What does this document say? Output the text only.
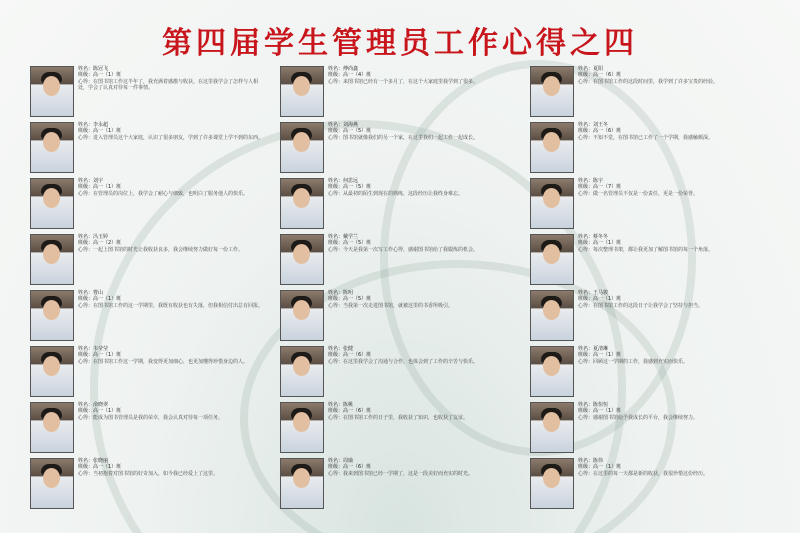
第四届学生管理员工作心得之四
姓名：陈冠飞
班级：高一（1）班
心得：在图书馆工作这半年了，我充满着感激与收获。在这里我学会了怎样与人相处，学会了认真对待每一件事情。
姓名：李永超
班级：高一（1）班
心得：进入管理员这个大家庭，认识了很多朋友，学到了许多课堂上学不到的东西。
姓名：刘宇
班级：高一（1）班
心得：在管理员的岗位上，我学会了耐心与细致，也明白了服务他人的快乐。
姓名：冯玉婷
班级：高一（2）班
心得：一起上图书馆的时光让我收获良多，我会继续努力做好每一份工作。
姓名：曹山
班级：高一（1）班
心得：在图书馆工作的这一学期里，我既有收获也有失落，但我相信付出总有回报。
姓名：韦莹莹
班级：高一（1）班
心得：在图书馆工作这一学期，我变得更加细心，也更加懂得珍惜身边的人。
姓名：俞晓翠
班级：高一（1）班
心得：能成为图书管理员是我的荣幸，我会认真对待每一项任务。
姓名：张晓丽
班级：高一（1）班
心得：当初抱着对图书馆的好奇加入，如今我已经爱上了这里。
姓名：傅尚鑫
班级：高一（4）班
心得：来图书馆已经有一个多月了，在这个大家庭里我学到了很多。
姓名：刘海燕
班级：高一（5）班
心得：图书馆就像我们的另一个家，在这里我们一起工作一起成长。
姓名：何思远
班级：高一（5）班
心得：从最初的陌生到现在的熟练，这段经历让我终身难忘。
姓名：戴学兰
班级：高一（5）班
心得：今天是我第一次写工作心得，感谢图书馆给了我锻炼的机会。
姓名：陈明
班级：高一（5）班
心得：当我第一次走进图书馆，就被这里的书香所吸引。
姓名：张健
班级：高一（6）班
心得：在这里我学会了沟通与合作，也体会到了工作的辛苦与快乐。
姓名：陈桃
班级：高一（6）班
心得：在图书馆工作的日子里，我收获了知识，也收获了友谊。
姓名：周瑜
班级：高一（6）班
心得：我来到图书馆已经一学期了，这是一段美好而充实的时光。
姓名：夏阳
班级：高一（6）班
心得：在图书馆工作的这段时间里，我学到了许多宝贵的经验。
姓名：刘王冬
班级：高一（6）班
心得：不知不觉，在图书馆已工作了一个学期，我感触颇深。
姓名：陈宇
班级：高一（7）班
心得：做一名管理员不仅是一份责任，更是一份荣誉。
姓名：蔡冬冬
班级：高一（1）班
心得：每次整理书架，都让我更加了解图书馆的每一个角落。
姓名：王马骏
班级：高一（1）班
心得：在图书馆工作的这段日子让我学会了坚持与担当。
姓名：夏清琳
班级：高一（1）班
心得：回顾这一学期的工作，我感到充实而快乐。
姓名：陈恒恒
班级：高一（1）班
心得：感谢图书馆给予我成长的平台，我会继续努力。
姓名：陈伟
班级：高一（1）班
心得：在这里的每一天都是新的收获，我很珍惜这份经历。
